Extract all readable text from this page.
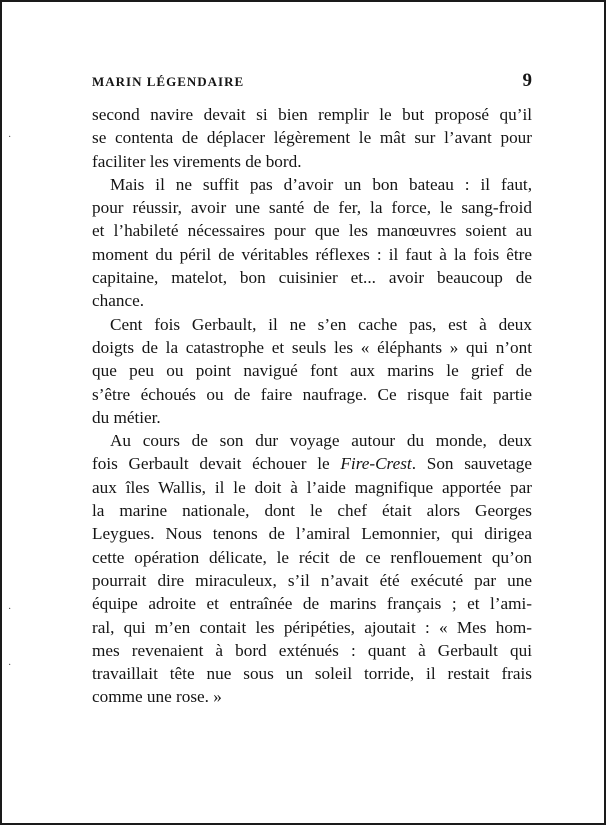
MARIN LÉGENDAIRE	9
·
·
·
second navire devait si bien remplir le but proposé qu’il
se contenta de déplacer légèrement le mât sur l’avant pour
faciliter les virements de bord.
Mais il ne suffit pas d’avoir un bon bateau : il faut,
pour réussir, avoir une santé de fer, la force, le sang-froid
et l’habileté nécessaires pour que les manœuvres soient au
moment du péril de véritables réflexes : il faut à la fois être
capitaine, matelot, bon cuisinier et... avoir beaucoup de
chance.
Cent fois Gerbault, il ne s’en cache pas, est à deux
doigts de la catastrophe et seuls les « éléphants » qui n’ont
que peu ou point navigué font aux marins le grief de
s’être échoués ou de faire naufrage. Ce risque fait partie
du métier.
Au cours de son dur voyage autour du monde, deux
fois Gerbault devait échouer le Fire-Crest. Son sauvetage
aux îles Wallis, il le doit à l’aide magnifique apportée par
la marine nationale, dont le chef était alors Georges
Leygues. Nous tenons de l’amiral Lemonnier, qui dirigea
cette opération délicate, le récit de ce renflouement qu’on
pourrait dire miraculeux, s’il n’avait été exécuté par une
équipe adroite et entraînée de marins français ; et l’ami-
ral, qui m’en contait les péripéties, ajoutait : « Mes hom-
mes revenaient à bord exténués : quant à Gerbault qui
travaillait tête nue sous un soleil torride, il restait frais
comme une rose. »
